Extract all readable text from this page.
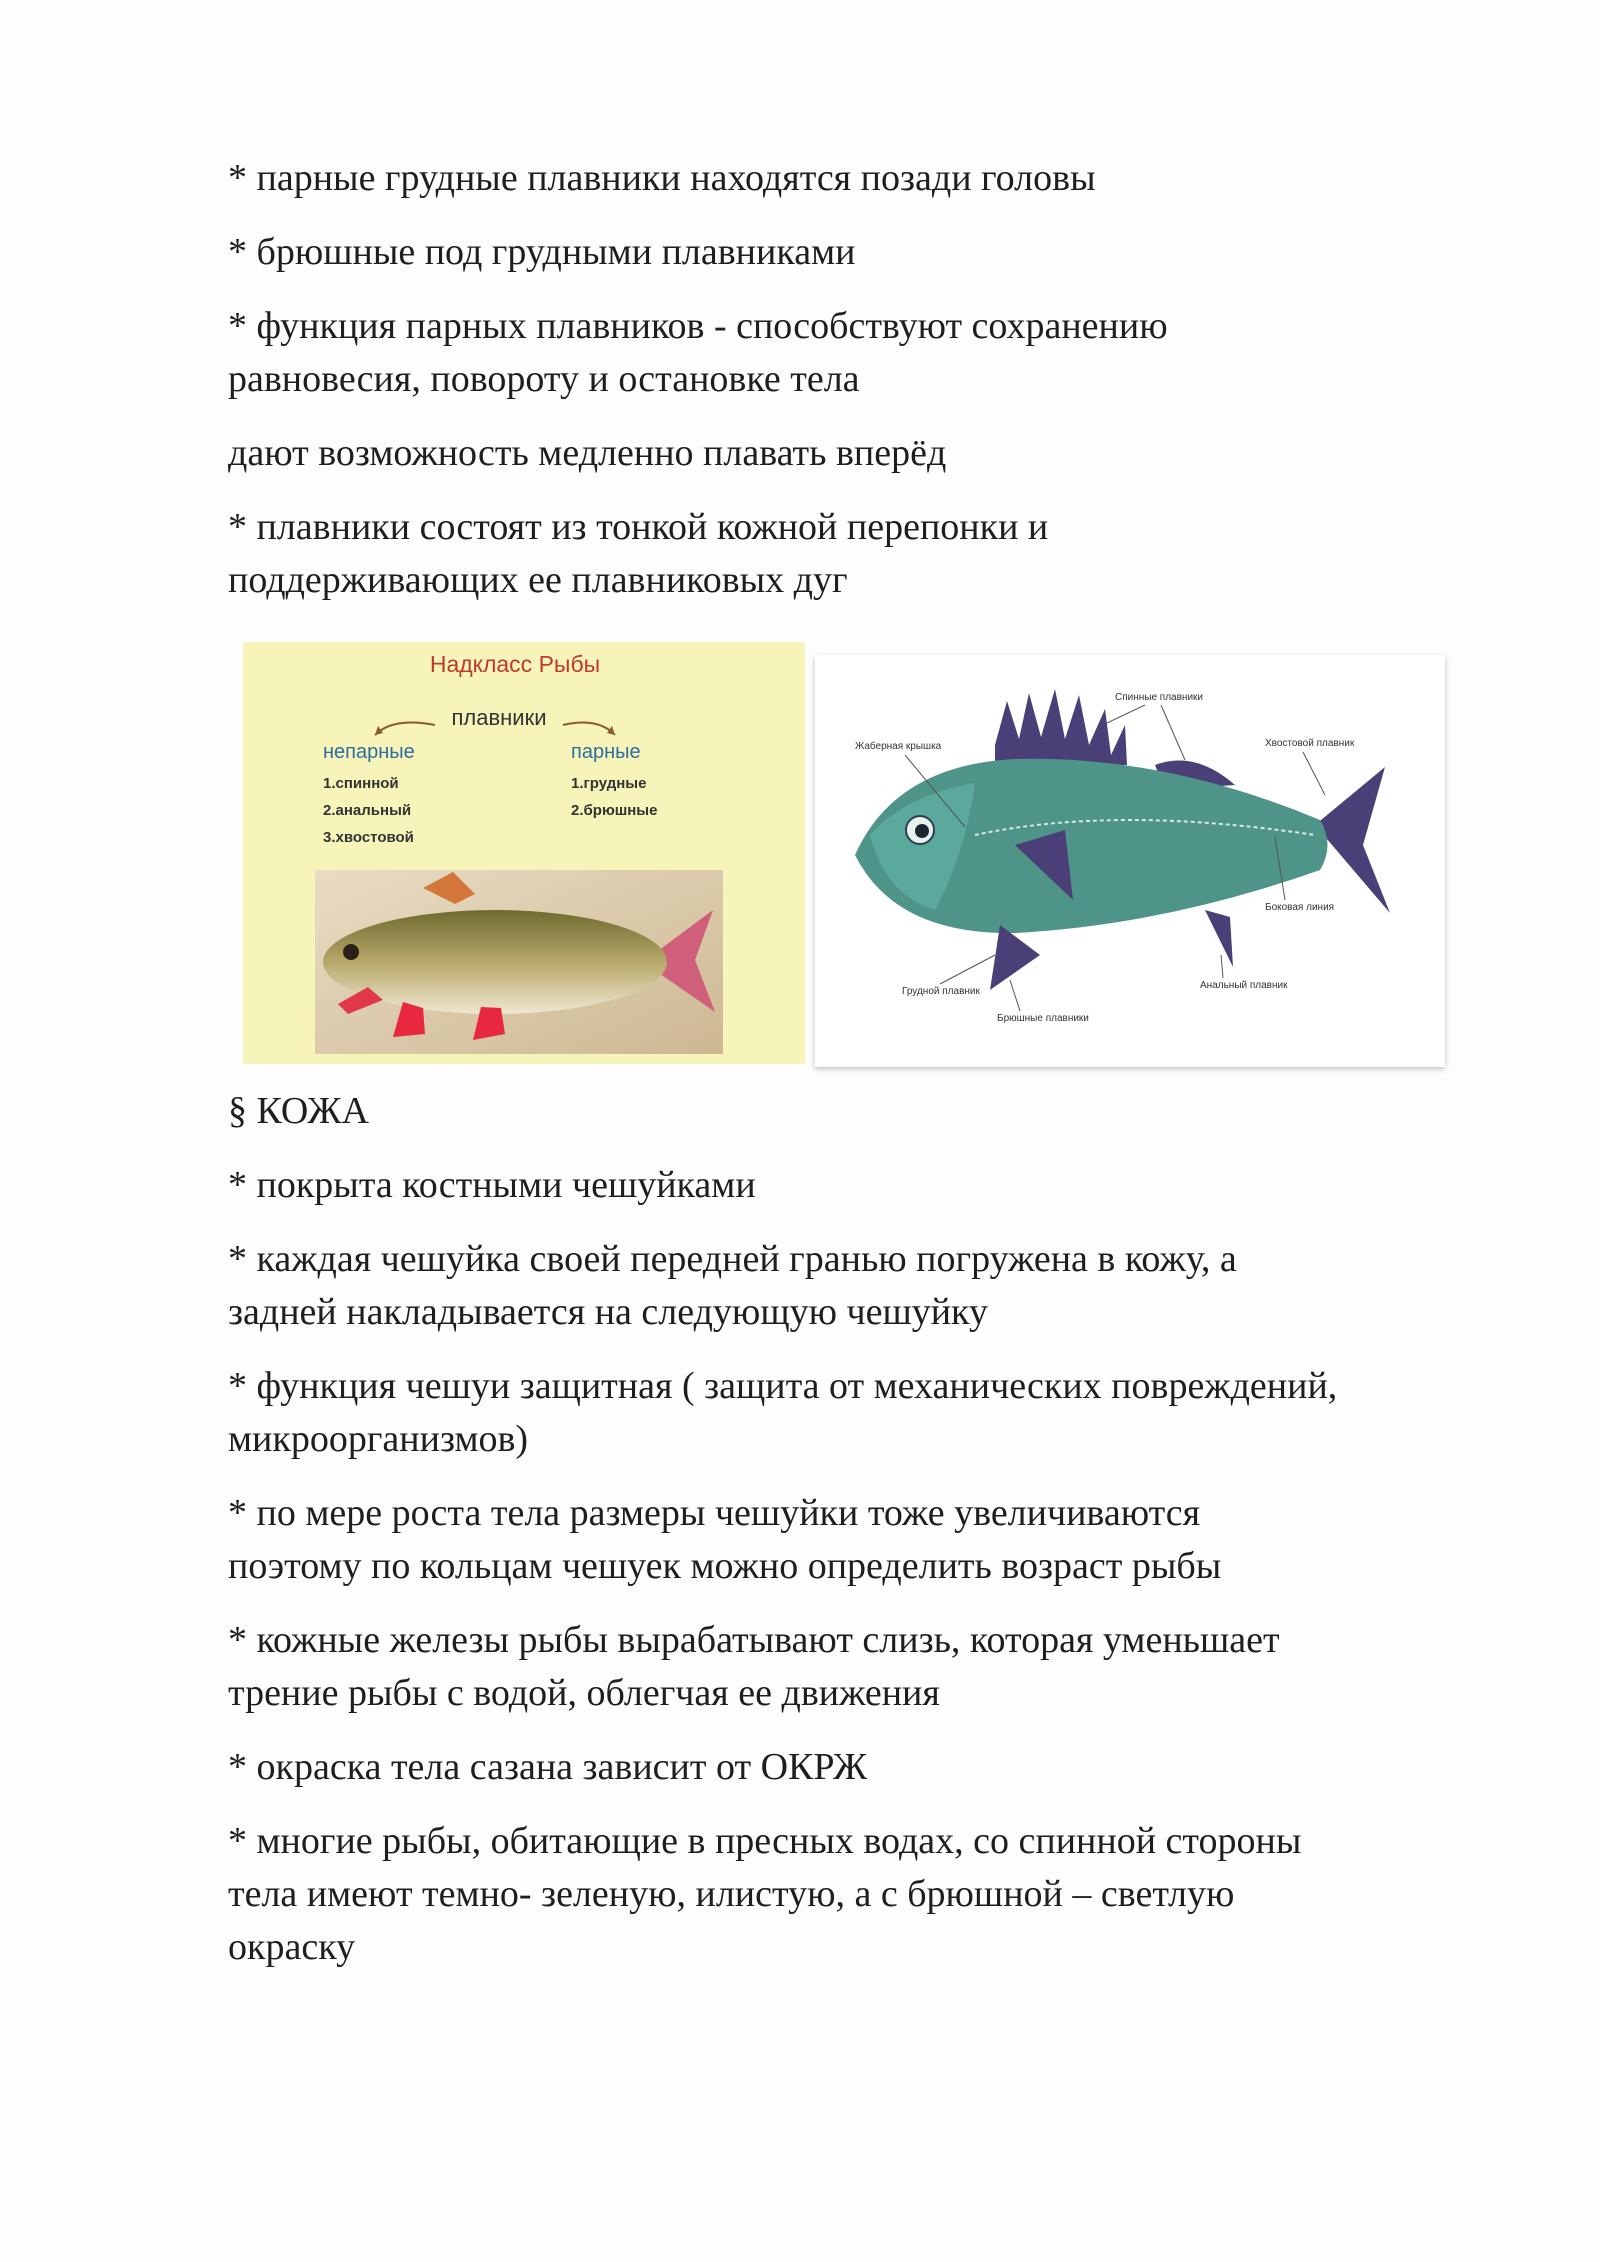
* парные грудные плавники находятся позади головы

* брюшные под грудными плавниками

* функция парных плавников - способствуют сохранению
равновесия, повороту и остановке тела

дают возможность медленно плавать вперёд

* плавники состоят из тонкой кожной перепонки и
поддерживающих ее плавниковых дуг

Надкласс Рыбы
плавники
непарные
1.спинной
2.анальный
3.хвостовой
парные
1.грудные
2.брюшные
Спинные плавники
Жаберная крышка	Хвостовой плавник
Боковая линия
Анальный плавник
Грудной плавник
Брюшные плавники

§ КОЖА

* покрыта костными чешуйками

* каждая чешуйка своей передней гранью погружена в кожу, а
задней накладывается на следующую чешуйку

* функция чешуи защитная ( защита от механических повреждений,
микроорганизмов)

* по мере роста тела размеры чешуйки тоже увеличиваются
поэтому по кольцам чешуек можно определить возраст рыбы

* кожные железы рыбы вырабатывают слизь, которая уменьшает
трение рыбы с водой, облегчая ее движения

* окраска тела сазана зависит от ОКРЖ

* многие рыбы, обитающие в пресных водах, со спинной стороны
тела имеют темно- зеленую, илистую, а с брюшной – светлую
окраску
